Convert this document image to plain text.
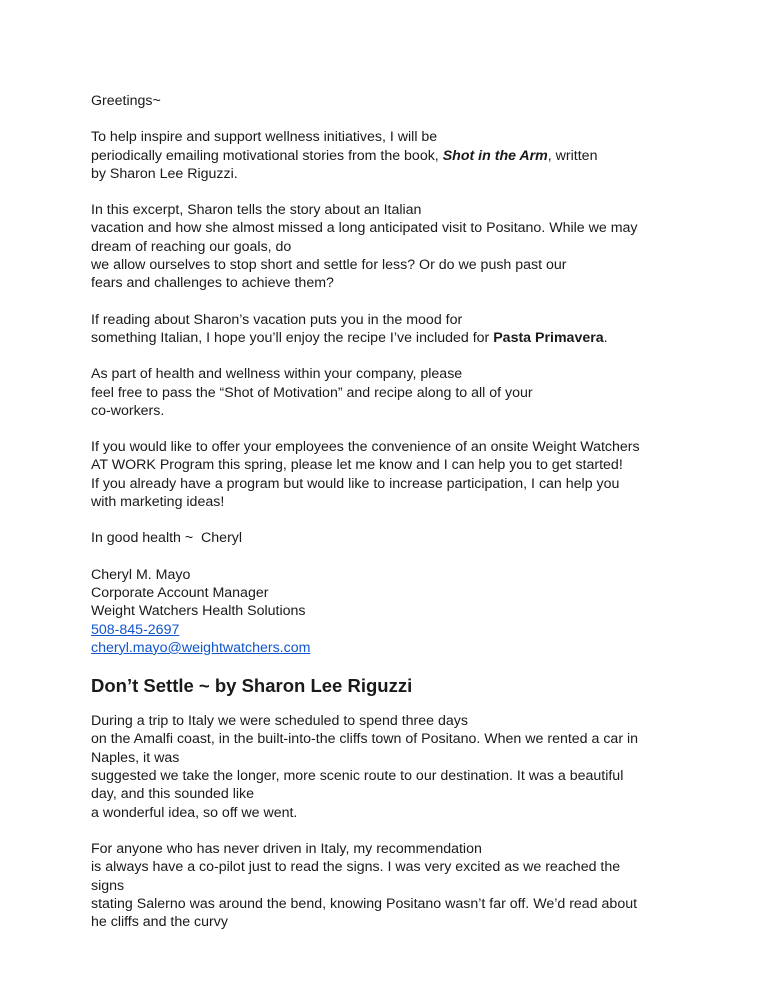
Greetings~

To help inspire and support wellness initiatives, I will be
periodically emailing motivational stories from the book, Shot in the Arm, written
by Sharon Lee Riguzzi.

In this excerpt, Sharon tells the story about an Italian
vacation and how she almost missed a long anticipated visit to Positano. While we may
dream of reaching our goals, do
we allow ourselves to stop short and settle for less? Or do we push past our
fears and challenges to achieve them?

If reading about Sharon’s vacation puts you in the mood for
something Italian, I hope you’ll enjoy the recipe I’ve included for Pasta Primavera.

As part of health and wellness within your company, please
feel free to pass the “Shot of Motivation” and recipe along to all of your
co-workers.

If you would like to offer your employees the convenience of an onsite Weight Watchers
AT WORK Program this spring, please let me know and I can help you to get started!
If you already have a program but would like to increase participation, I can help you
with marketing ideas!

In good health ~  Cheryl

Cheryl M. Mayo
Corporate Account Manager
Weight Watchers Health Solutions
508-845-2697
cheryl.mayo@weightwatchers.com

Don’t Settle ~ by Sharon Lee Riguzzi

During a trip to Italy we were scheduled to spend three days
on the Amalfi coast, in the built-into-the cliffs town of Positano. When we rented a car in
Naples, it was
suggested we take the longer, more scenic route to our destination. It was a beautiful
day, and this sounded like
a wonderful idea, so off we went.

For anyone who has never driven in Italy, my recommendation
is always have a co-pilot just to read the signs. I was very excited as we reached the
signs
stating Salerno was around the bend, knowing Positano wasn’t far off. We’d read about
he cliffs and the curvy
